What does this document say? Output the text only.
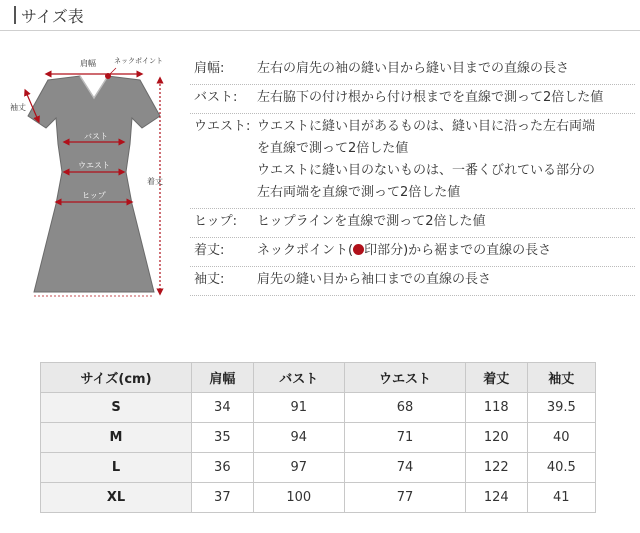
サイズ表
肩幅	ネックポイント
袖丈
着丈
バスト
ウエスト
ヒップ
肩幅:	左右の肩先の袖の縫い目から縫い目までの直線の長さ
バスト:	左右脇下の付け根から付け根までを直線で測って2倍した値
ウエスト: ウエストに縫い目があるものは、縫い目に沿った左右両端
を直線で測って2倍した値
ウエストに縫い目のないものは、一番くびれている部分の
左右両端を直線で測って2倍した値
ヒップ:	ヒップラインを直線で測って2倍した値
着丈:	ネックポイント( 印部分)から裾までの直線の長さ
袖丈:	肩先の縫い目から袖口までの直線の長さ
サイズ(cm)	肩幅	バスト	ウエスト	着丈	袖丈
S	34	91	68	118	39.5
M	35	94	71	120	40
L	36	97	74	122	40.5
XL	37	100	77	124	41
